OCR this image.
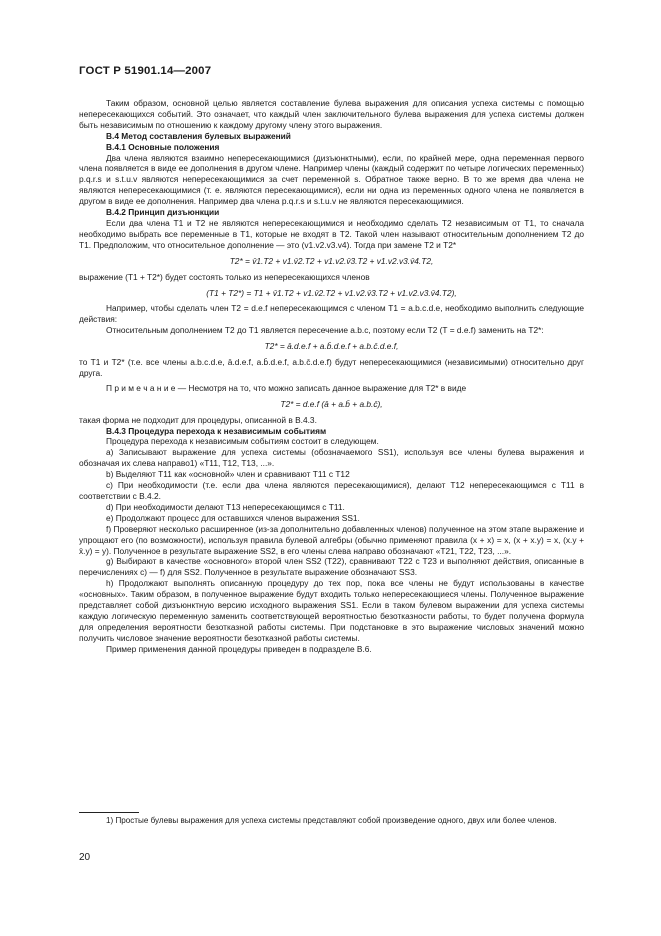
ГОСТ Р 51901.14—2007

Таким образом, основной целью является составление булева выражения для описания успеха системы с помощью непересекающихся событий. Это означает, что каждый член заключительного булева выражения для успеха системы должен быть независимым по отношению к каждому другому члену этого выражения.

В.4 Метод составления булевых выражений

В.4.1 Основные положения

Два члена являются взаимно непересекающимися (дизъюнктными), если, по крайней мере, одна переменная первого члена появляется в виде ее дополнения в другом члене. Например члены (каждый содержит по четыре логических переменных) p.q.r.s и s.t.u.v являются непересекающимися за счет переменной s. Обратное также верно. В то же время два члена не являются непересекающимися (т. е. являются пересекающимися), если ни одна из переменных одного члена не появляется в другом в виде ее дополнения. Например два члена p.q.r.s и s.t.u.v не являются пересекающимися.

В.4.2 Принцип дизъюнкции

Если два члена T1 и T2 не являются непересекающимися и необходимо сделать T2 независимым от T1, то сначала необходимо выбрать все переменные в T1, которые не входят в T2. Такой член называют относительным дополнением T2 до T1. Предположим, что относительное дополнение — это (v1.v2.v3.v4). Тогда при замене T2 и T2*

T2* = v̄1.T2 + v1.v̄2.T2 + v1.v2.v̄3.T2 + v1.v2.v3.v̄4.T2,

выражение (T1 + T2*) будет состоять только из непересекающихся членов

(T1 + T2*) = T1 + v̄1.T2 + v1.v̄2.T2 + v1.v2.v̄3.T2 + v1.v2.v3.v̄4.T2),

Например, чтобы сделать член T2 = d.e.f непересекающимся с членом T1 = a.b.c.d.e, необходимо выполнить следующие действия:

Относительным дополнением T2 до T1 является пересечение a.b.c, поэтому если T2 (T = d.e.f) заменить на T2*:

T2* = ā.d.e.f + a.b̄.d.e.f + a.b.c̄.d.e.f,

то T1 и T2* (т.е. все члены a.b.c.d.e, ā.d.e.f, a.b̄.d.e.f, a.b.c̄.d.e.f) будут непересекающимися (независимыми) относительно друг друга.

П р и м е ч а н и е — Несмотря на то, что можно записать данное выражение для T2* в виде

T2* = d.e.f (ā + a.b̄ + a.b.c̄),

такая форма не подходит для процедуры, описанной в В.4.3.

В.4.3 Процедура перехода к независимым событиям

Процедура перехода к независимым событиям состоит в следующем.

a) Записывают выражение для успеха системы (обозначаемого SS1), используя все члены булева выражения и обозначая их слева направо1) «T11, T12, T13, ...».

b) Выделяют T11 как «основной» член и сравнивают T11 с T12

c) При необходимости (т.е. если два члена являются пересекающимися), делают T12 непересекающимся с T11 в соответствии с В.4.2.

d) При необходимости делают T13 непересекающимся с T11.

e) Продолжают процесс для оставшихся членов выражения SS1.

f) Проверяют несколько расширенное (из-за дополнительно добавленных членов) полученное на этом этапе выражение и упрощают его (по возможности), используя правила булевой алгебры (обычно применяют правила (x + x) = x, (x + x.y) = x, (x.y + x̄.y) = y). Полученное в результате выражение SS2, в его члены слева направо обозначают «T21, T22, T23, ...».

g) Выбирают в качестве «основного» второй член SS2 (T22), сравнивают T22 с T23 и выполняют действия, описанные в перечислениях c) — f) для SS2. Полученное в результате выражение обозначают SS3.

h) Продолжают выполнять описанную процедуру до тех пор, пока все члены не будут использованы в качестве «основных». Таким образом, в полученное выражение будут входить только непересекающиеся члены. Полученное выражение представляет собой дизъюнктную версию исходного выражения SS1. Если в таком булевом выражении для успеха системы каждую логическую переменную заменить соответствующей вероятностью безотказности работы, то будет получена формула для определения вероятности безотказной работы системы. При подстановке в это выражение числовых значений можно получить числовое значение вероятности безотказной работы системы.

Пример применения данной процедуры приведен в подразделе В.6.

1) Простые булевы выражения для успеха системы представляют собой произведение одного, двух или более членов.
20
